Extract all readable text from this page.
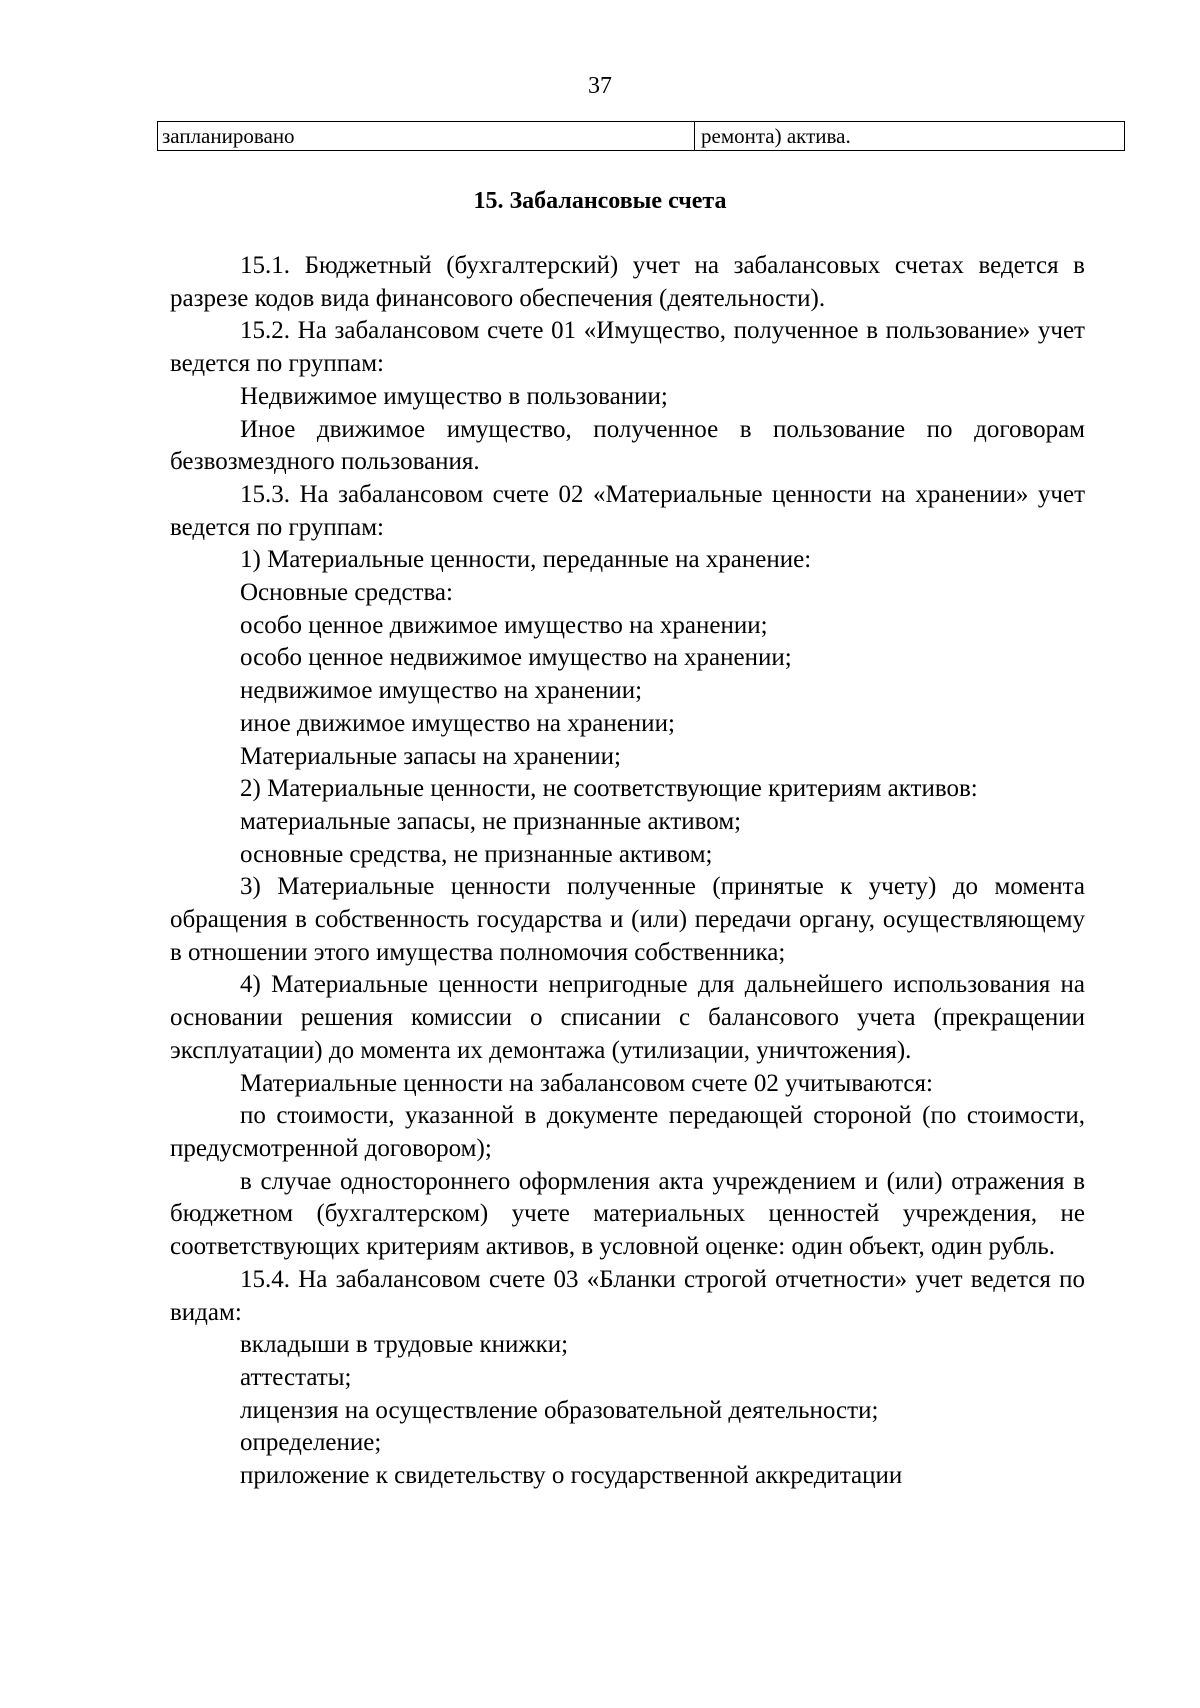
37
запланировано	ремонта) актива.
15. Забалансовые счета

15.1. Бюджетный (бухгалтерский) учет на забалансовых счетах ведется в разрезе кодов вида финансового обеспечения (деятельности).

15.2. На забалансовом счете 01 «Имущество, полученное в пользование» учет ведется по группам:

Недвижимое имущество в пользовании;

Иное движимое имущество, полученное в пользование по договорам безвозмездного пользования.

15.3. На забалансовом счете 02 «Материальные ценности на хранении» учет ведется по группам:

1) Материальные ценности, переданные на хранение:

Основные средства:

особо ценное движимое имущество на хранении;

особо ценное недвижимое имущество на хранении;

недвижимое имущество на хранении;

иное движимое имущество на хранении;

Материальные запасы на хранении;

2) Материальные ценности, не соответствующие критериям активов:

материальные запасы, не признанные активом;

основные средства, не признанные активом;

3) Материальные ценности полученные (принятые к учету) до момента обращения в собственность государства и (или) передачи органу, осуществляющему в отношении этого имущества полномочия собственника;

4) Материальные ценности непригодные для дальнейшего использования на основании решения комиссии о списании с балансового учета (прекращении эксплуатации) до момента их демонтажа (утилизации, уничтожения).

Материальные ценности на забалансовом счете 02 учитываются:

по стоимости, указанной в документе передающей стороной (по стоимости, предусмотренной договором);

в случае одностороннего оформления акта учреждением и (или) отражения в бюджетном (бухгалтерском) учете материальных ценностей учреждения, не соответствующих критериям активов, в условной оценке: один объект, один рубль.

15.4. На забалансовом счете 03 «Бланки строгой отчетности» учет ведется по видам:

вкладыши в трудовые книжки;

аттестаты;

лицензия на осуществление образовательной деятельности;

определение;

приложение к свидетельству о государственной аккредитации
